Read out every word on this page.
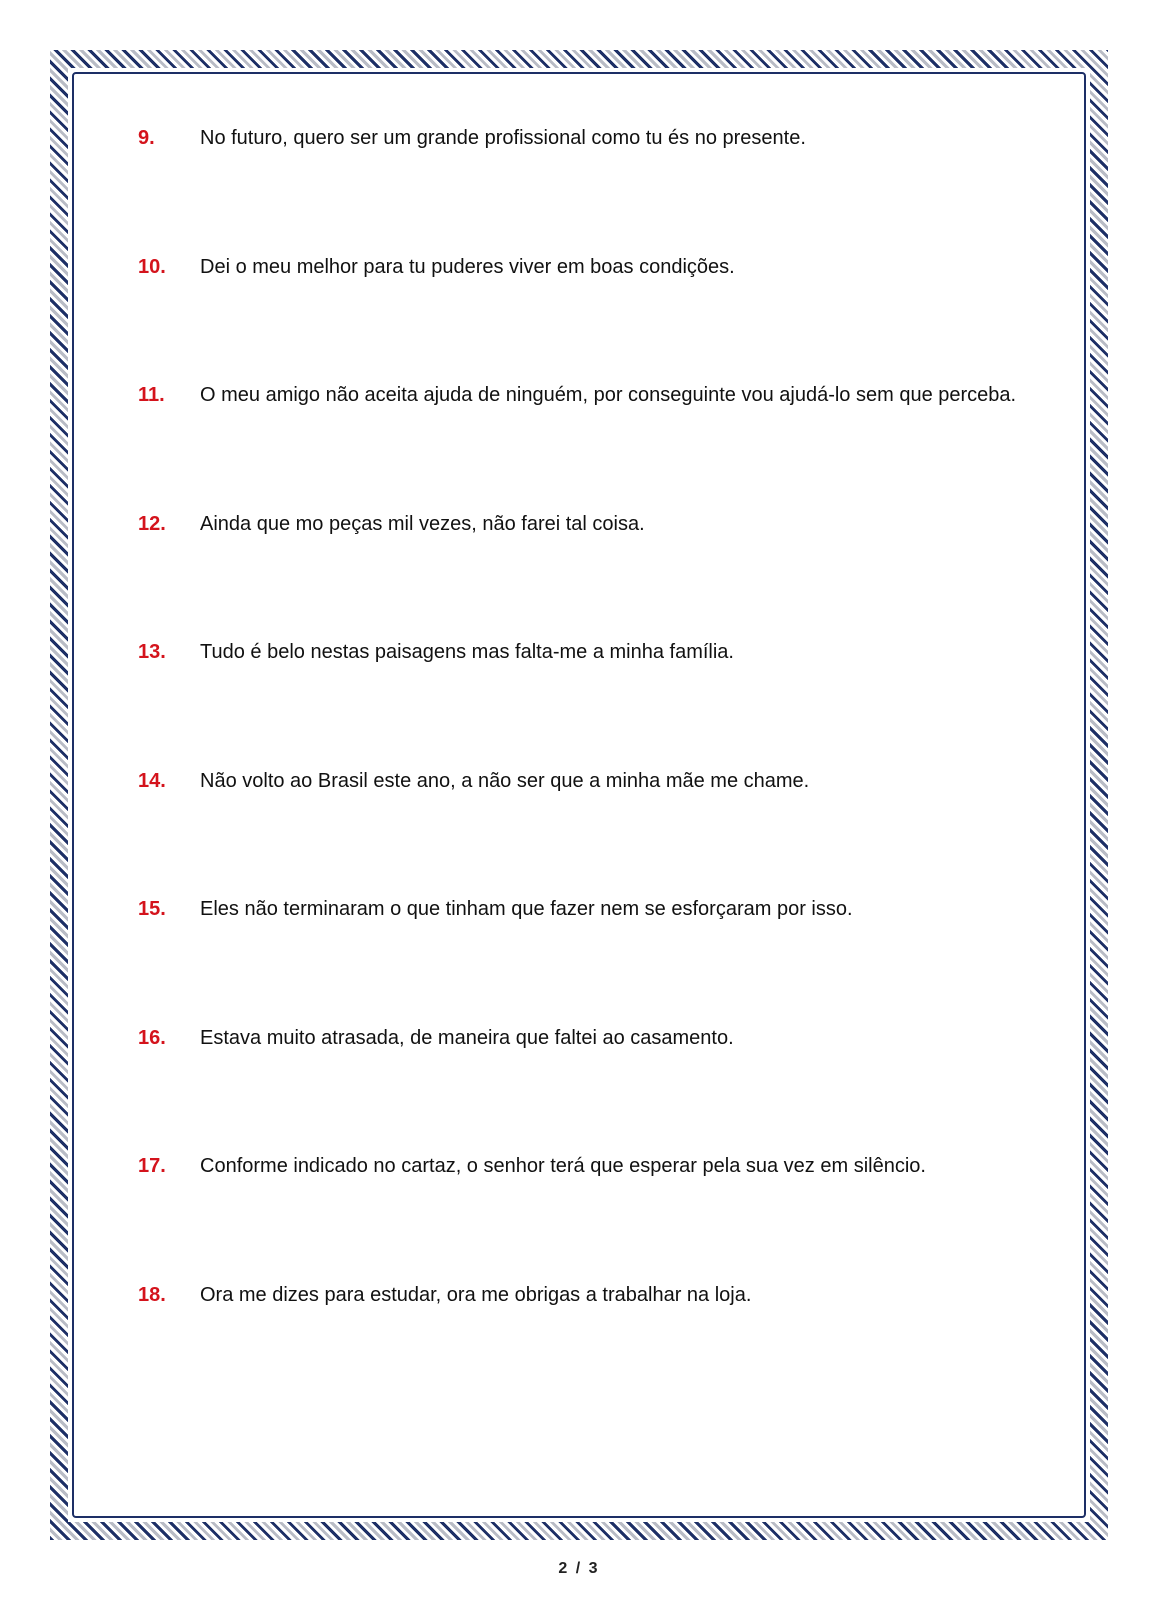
9.	No futuro, quero ser um grande profissional como tu és no presente.
10.	Dei o meu melhor para tu puderes viver em boas condições.
11.	O meu amigo não aceita ajuda de ninguém, por conseguinte vou ajudá-lo sem que perceba.
12.	Ainda que mo peças mil vezes, não farei tal coisa.
13.	Tudo é belo nestas paisagens mas falta-me a minha família.
14.	Não volto ao Brasil este ano, a não ser que a minha mãe me chame.
15.	Eles não terminaram o que tinham que fazer nem se esforçaram por isso.
16.	Estava muito atrasada, de maneira que faltei ao casamento.
17.	Conforme indicado no cartaz, o senhor terá que esperar pela sua vez em silêncio.
18.	Ora me dizes para estudar, ora me obrigas a trabalhar na loja.
2 / 3
